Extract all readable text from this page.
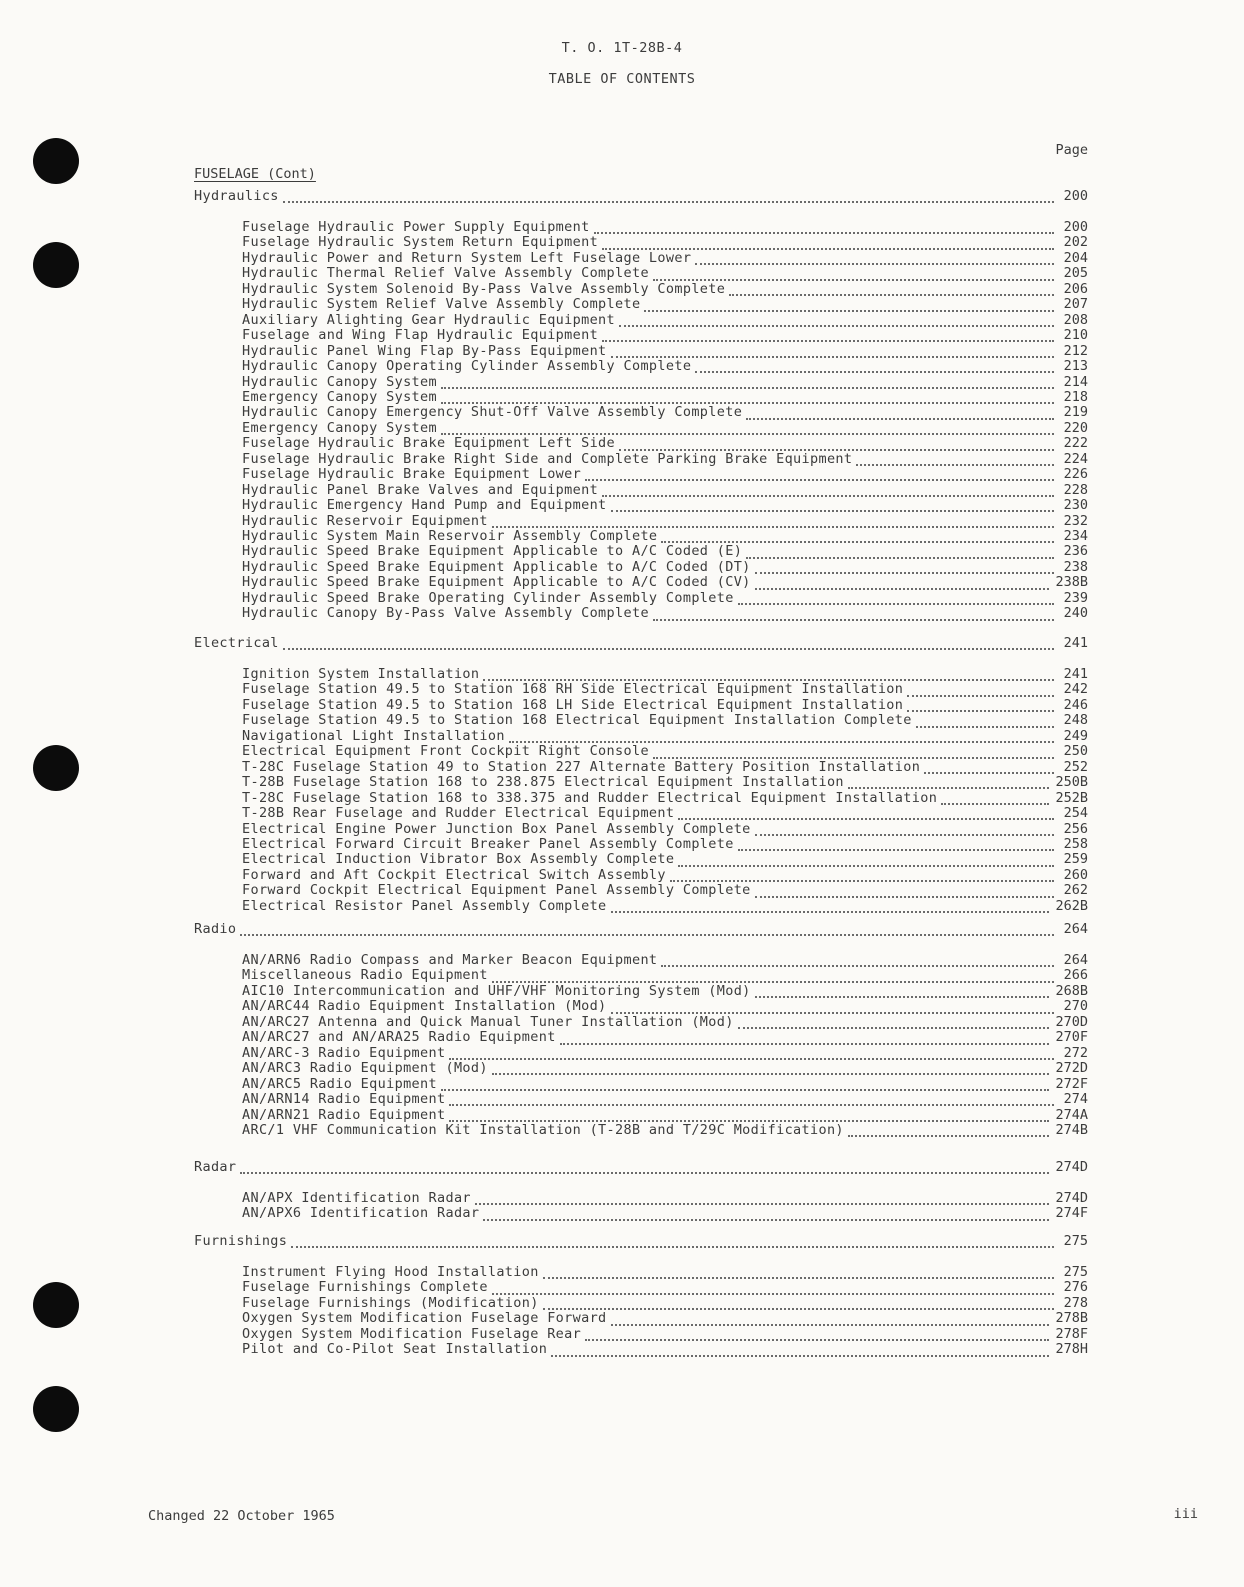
T. O. 1T-28B-4
TABLE OF CONTENTS
Page
FUSELAGE (Cont)
Hydraulics	200
Fuselage Hydraulic Power Supply Equipment	200
Fuselage Hydraulic System Return Equipment	202
Hydraulic Power and Return System Left Fuselage Lower	204
Hydraulic Thermal Relief Valve Assembly Complete	205
Hydraulic System Solenoid By-Pass Valve Assembly Complete	206
Hydraulic System Relief Valve Assembly Complete	207
Auxiliary Alighting Gear Hydraulic Equipment	208
Fuselage and Wing Flap Hydraulic Equipment	210
Hydraulic Panel Wing Flap By-Pass Equipment	212
Hydraulic Canopy Operating Cylinder Assembly Complete	213
Hydraulic Canopy System	214
Emergency Canopy System	218
Hydraulic Canopy Emergency Shut-Off Valve Assembly Complete	219
Emergency Canopy System	220
Fuselage Hydraulic Brake Equipment Left Side	222
Fuselage Hydraulic Brake Right Side and Complete Parking Brake Equipment	224
Fuselage Hydraulic Brake Equipment Lower	226
Hydraulic Panel Brake Valves and Equipment	228
Hydraulic Emergency Hand Pump and Equipment	230
Hydraulic Reservoir Equipment	232
Hydraulic System Main Reservoir Assembly Complete	234
Hydraulic Speed Brake Equipment Applicable to A/C Coded (E)	236
Hydraulic Speed Brake Equipment Applicable to A/C Coded (DT)	238
Hydraulic Speed Brake Equipment Applicable to A/C Coded (CV)	238B
Hydraulic Speed Brake Operating Cylinder Assembly Complete	239
Hydraulic Canopy By-Pass Valve Assembly Complete	240
Electrical	241
Ignition System Installation	241
Fuselage Station 49.5 to Station 168 RH Side Electrical Equipment Installation	242
Fuselage Station 49.5 to Station 168 LH Side Electrical Equipment Installation	246
Fuselage Station 49.5 to Station 168 Electrical Equipment Installation Complete	248
Navigational Light Installation	249
Electrical Equipment Front Cockpit Right Console	250
T-28C Fuselage Station 49 to Station 227 Alternate Battery Position Installation	252
T-28B Fuselage Station 168 to 238.875 Electrical Equipment Installation	250B
T-28C Fuselage Station 168 to 338.375 and Rudder Electrical Equipment Installation	252B
T-28B Rear Fuselage and Rudder Electrical Equipment	254
Electrical Engine Power Junction Box Panel Assembly Complete	256
Electrical Forward Circuit Breaker Panel Assembly Complete	258
Electrical Induction Vibrator Box Assembly Complete	259
Forward and Aft Cockpit Electrical Switch Assembly	260
Forward Cockpit Electrical Equipment Panel Assembly Complete	262
Electrical Resistor Panel Assembly Complete	262B
Radio	264
AN/ARN6 Radio Compass and Marker Beacon Equipment	264
Miscellaneous Radio Equipment	266
AIC10 Intercommunication and UHF/VHF Monitoring System (Mod)	268B
AN/ARC44 Radio Equipment Installation (Mod)	270
AN/ARC27 Antenna and Quick Manual Tuner Installation (Mod)	270D
AN/ARC27 and AN/ARA25 Radio Equipment	270F
AN/ARC-3 Radio Equipment	272
AN/ARC3 Radio Equipment (Mod)	272D
AN/ARC5 Radio Equipment	272F
AN/ARN14 Radio Equipment	274
AN/ARN21 Radio Equipment	274A
ARC/1 VHF Communication Kit Installation (T-28B and T/29C Modification)	274B
Radar	274D
AN/APX Identification Radar	274D
AN/APX6 Identification Radar	274F
Furnishings	275
Instrument Flying Hood Installation	275
Fuselage Furnishings Complete	276
Fuselage Furnishings (Modification)	278
Oxygen System Modification Fuselage Forward	278B
Oxygen System Modification Fuselage Rear	278F
Pilot and Co-Pilot Seat Installation	278H
Changed 22 October 1965	iii
